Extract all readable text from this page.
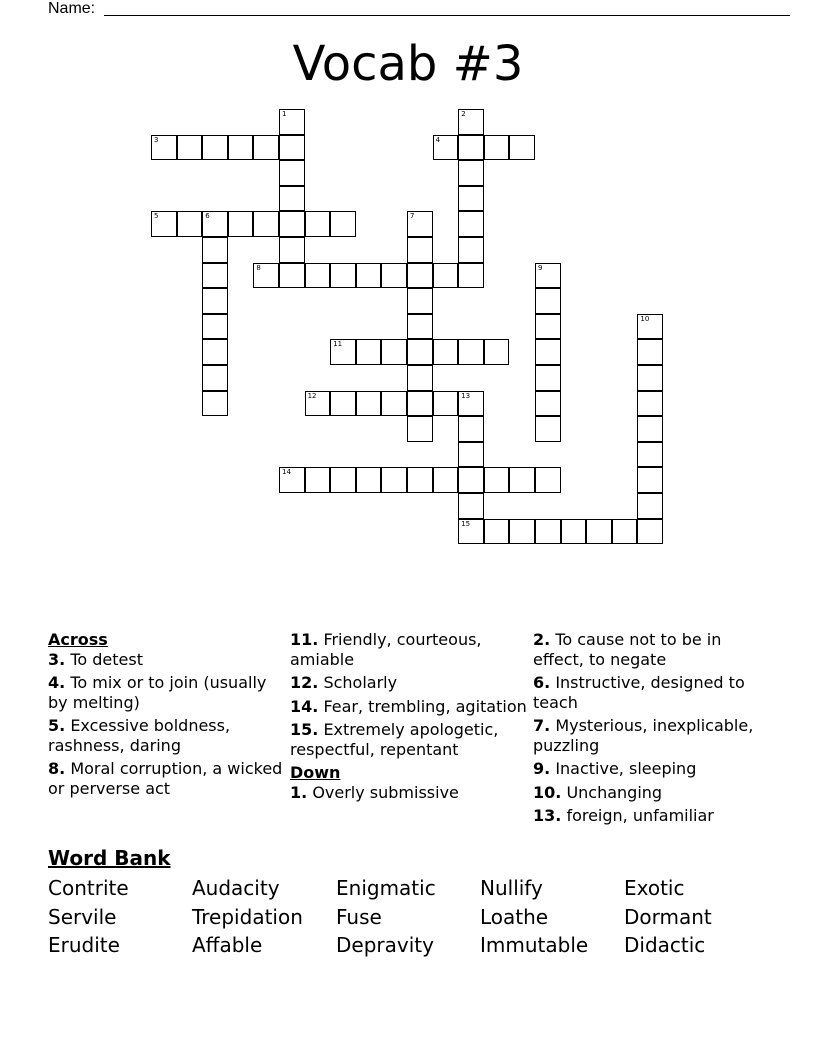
Name:
Vocab #3
1	2
3	4
5	6	7
8	9
10
11
12	13
15
14
Across
3. To detest
4. To mix or to join (usually by melting)
5. Excessive boldness, rashness, daring
8. Moral corruption, a wicked or perverse act
11. Friendly, courteous, amiable
12. Scholarly
14. Fear, trembling, agitation
15. Extremely apologetic, respectful, repentant
Down
1. Overly submissive
2. To cause not to be in effect, to negate
6. Instructive, designed to teach
7. Mysterious, inexplicable, puzzling
9. Inactive, sleeping
10. Unchanging
13. foreign, unfamiliar
Word Bank
Contrite	Audacity	Enigmatic	Nullify	Exotic
Servile	Trepidation	Fuse	Loathe	Dormant
Erudite	Affable	Depravity	Immutable	Didactic
